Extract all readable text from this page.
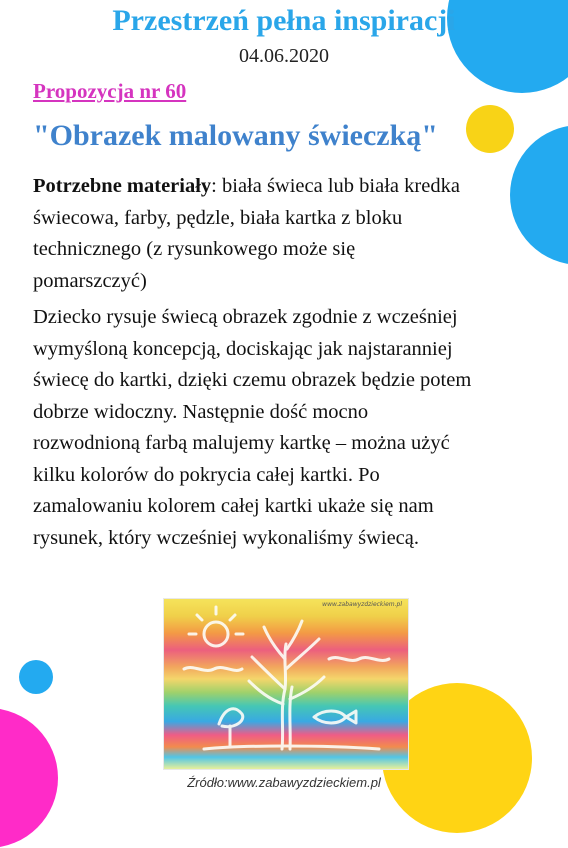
Przestrzeń pełna inspiracji
04.06.2020
Propozycja nr 60
"Obrazek malowany świeczką"
Potrzebne materiały: biała świeca lub biała kredka świecowa, farby, pędzle, biała kartka z bloku technicznego (z rysunkowego może się pomarszczyć)
Dziecko rysuje świecą obrazek zgodnie z wcześniej wymyśloną koncepcją, dociskając jak najstaranniej świecę do kartki, dzięki czemu obrazek będzie potem dobrze widoczny. Następnie dość mocno rozwodnioną farbą malujemy kartkę – można użyć kilku kolorów do pokrycia całej kartki. Po zamalowaniu kolorem całej kartki ukaże się nam rysunek, który wcześniej wykonaliśmy świecą.
www.zabawyzdzieckiem.pl
Źródło:www.zabawyzdzieckiem.pl
